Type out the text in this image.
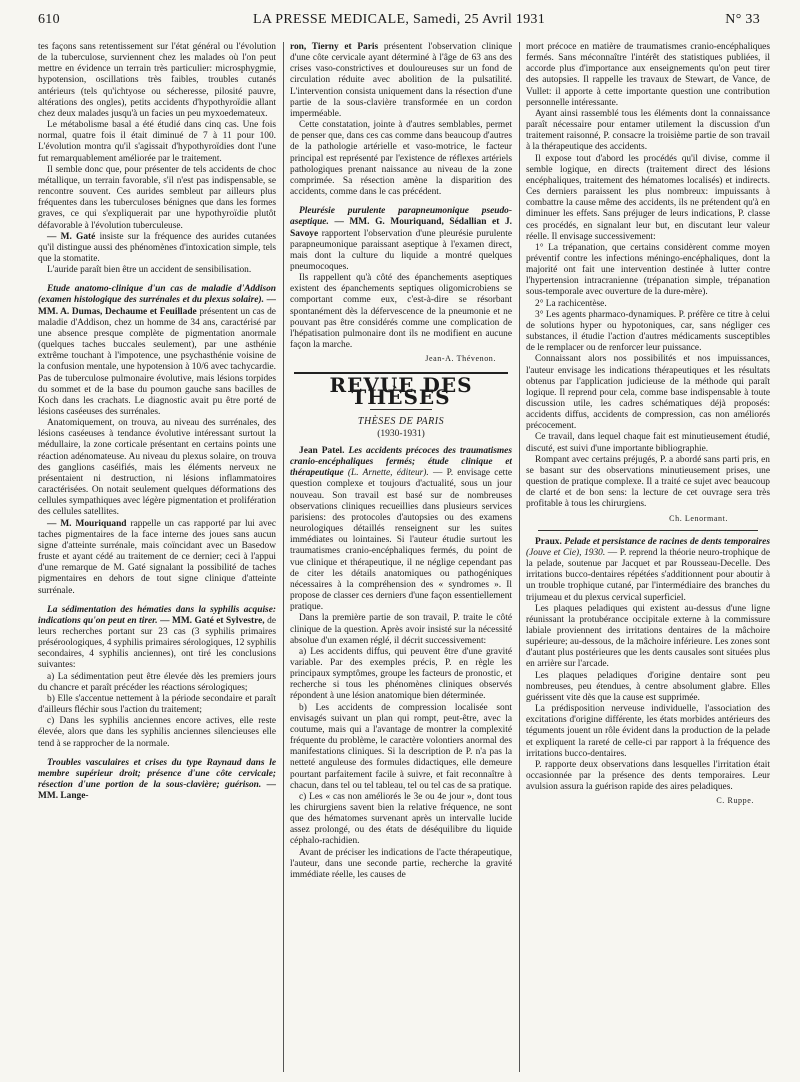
610	LA PRESSE MEDICALE, Samedi, 25 Avril 1931	N° 33

tes façons sans retentissement sur l'état général ou l'évolution de la tuberculose, surviennent chez les malades où l'on peut mettre en évidence un terrain très particulier: microsphygmie, hypotension, oscillations très faibles, troubles cutanés antérieurs (tels qu'ichtyose ou sécheresse, pilosité pauvre, altérations des ongles), petits accidents d'hypothyroïdie allant chez deux malades jusqu'à un facies un peu myxoedemateux.

Le métabolisme basal a été étudié dans cinq cas. Une fois normal, quatre fois il était diminué de 7 à 11 pour 100. L'évolution montra qu'il s'agissait d'hypothyroïdies dont l'une fut remarquablement améliorée par le traitement.

Il semble donc que, pour présenter de tels accidents de choc métallique, un terrain favorable, s'il n'est pas indispensable, se rencontre souvent. Ces aurides sembleut par ailleurs plus fréquentes dans les tuberculoses bénignes que dans les formes graves, ce qui s'expliquerait par une hypothyroïdie plutôt défavorable à l'évolution tuberculeuse.

— M. Gaté insiste sur la fréquence des aurides cutanées qu'il distingue aussi des phénomènes d'intoxication simple, tels que la stomatite.

L'auride paraît bien être un accident de sensibilisation.

Etude anatomo-clinique d'un cas de maladie d'Addison (examen histologique des surrénales et du plexus solaire). — MM. A. Dumas, Dechaume et Feuillade présentent un cas de maladie d'Addison, chez un homme de 34 ans, caractérisé par une absence presque complète de pigmentation anormale (quelques taches buccales seulement), par une asthénie extrême touchant à l'impotence, une psychasthénie voisine de la confusion mentale, une hypotension à 10/6 avec tachycardie. Pas de tuberculose pulmonaire évolutive, mais lésions torpides du sommet et de la base du poumon gauche sans bacilles de Koch dans les crachats. Le diagnostic avait pu être porté de lésions caséeuses des surrénales.

Anatomiquement, on trouva, au niveau des surrénales, des lésions caséeuses à tendance évolutive intéressant surtout la médullaire, la zone corticale présentant en certains points une réaction adénomateuse. Au niveau du plexus solaire, on trouva des ganglions caséifiés, mais les éléments nerveux ne présentaient ni destruction, ni lésions inflammatoires caractérisées. On notait seulement quelques déformations des cellules sympathiques avec légère pigmentation et prolifération des cellules satellites.

— M. Mouriquand rappelle un cas rapporté par lui avec taches pigmentaires de la face interne des joues sans aucun signe d'atteinte surrénale, mais coïncidant avec un Basedow fruste et ayant cédé au traitement de ce dernier; ceci à l'appui d'une remarque de M. Gaté signalant la possibilité de taches pigmentaires en dehors de tout signe clinique d'atteinte surrénale.

La sédimentation des hématies dans la syphilis acquise: indications qu'on peut en tirer. — MM. Gaté et Sylvestre, de leurs recherches portant sur 23 cas (3 syphilis primaires préséroologiques, 4 syphilis primaires sérologiques, 12 syphilis secondaires, 4 syphilis anciennes), ont tiré les conclusions suivantes:

a) La sédimentation peut être élevée dès les premiers jours du chancre et paraît précéder les réactions sérologiques;

b) Elle s'accentue nettement à la période secondaire et paraît d'ailleurs fléchir sous l'action du traitement;

c) Dans les syphilis anciennes encore actives, elle reste élevée, alors que dans les syphilis anciennes silencieuses elle tend à se rapprocher de la normale.

Troubles vasculaires et crises du type Raynaud dans le membre supérieur droit; présence d'une côte cervicale; résection d'une portion de la sous-clavière; guérison. — MM. Lange-

ron, Tierny et Paris présentent l'observation clinique d'une côte cervicale ayant déterminé à l'âge de 63 ans des crises vaso-constrictives et douloureuses sur un fond de circulation réduite avec abolition de la pulsatilité. L'intervention consista uniquement dans la résection d'une partie de la sous-clavière transformée en un cordon imperméable.

Cette constatation, jointe à d'autres semblables, permet de penser que, dans ces cas comme dans beaucoup d'autres de la pathologie artérielle et vaso-motrice, le facteur principal est représenté par l'existence de réflexes artériels pathologiques prenant naissance au niveau de la zone comprimée. Sa résection amène la disparition des accidents, comme dans le cas précédent.

Pleurésie purulente parapneumonique pseudo-aseptique. — MM. G. Mouriquand, Sédallian et J. Savoye rapportent l'observation d'une pleurésie purulente parapneumonique paraissant aseptique à l'examen direct, mais dont la culture du liquide a montré quelques pneumocoques.

Ils rappellent qu'à côté des épanchements aseptiques existent des épanchements septiques oligomicrobiens se comportant comme eux, c'est-à-dire se résorbant spontanément dès la défervescence de la pneumonie et ne pouvant pas être considérés comme une complication de l'hépatisation pulmonaire dont ils ne modifient en aucune façon la marche.

Jean-A. Thévenon.
REVUE DES THÈSES
THÈSES DE PARIS
(1930-1931)

Jean Patel. Les accidents précoces des traumatismes cranio-encéphaliques fermés; étude clinique et thérapeutique (L. Arnette, éditeur). — P. envisage cette question complexe et toujours d'actualité, sous un jour nouveau. Son travail est basé sur de nombreuses observations cliniques recueillies dans plusieurs services parisiens: des protocoles d'autopsies ou des examens neurologiques détaillés renseignent sur les suites immédiates ou lointaines. Si l'auteur étudie surtout les traumatismes cranio-encéphaliques fermés, du point de vue clinique et thérapeutique, il ne néglige cependant pas de citer les détails anatomiques ou pathogéniques nécessaires à la compréhension des « syndromes ». Il propose de classer ces derniers d'une façon essentiellement pratique.

Dans la première partie de son travail, P. traite le côté clinique de la question. Après avoir insisté sur la nécessité absolue d'un examen réglé, il décrit successivement:

a) Les accidents diffus, qui peuvent être d'une gravité variable. Par des exemples précis, P. en règle les principaux symptômes, groupe les facteurs de pronostic, et recherche si tous les phénomènes cliniques observés répondent à une lésion anatomique bien déterminée.

b) Les accidents de compression localisée sont envisagés suivant un plan qui rompt, peut-être, avec la coutume, mais qui a l'avantage de montrer la complexité fréquente du problème, le caractère volontiers anormal des manifestations cliniques. Si la description de P. n'a pas la netteté anguleuse des formules didactiques, elle demeure pourtant parfaitement facile à suivre, et fait reconnaître à chacun, dans tel ou tel tableau, tel ou tel cas de sa pratique.

c) Les « cas non améliorés le 3e ou 4e jour », dont tous les chirurgiens savent bien la relative fréquence, ne sont que des hématomes survenant après un intervalle lucide assez prolongé, ou des états de déséquilibre du liquide céphalo-rachidien.

Avant de préciser les indications de l'acte thérapeutique, l'auteur, dans une seconde partie, recherche la gravité immédiate réelle, les causes de

mort précoce en matière de traumatismes cranio-encéphaliques fermés. Sans méconnaître l'intérêt des statistiques publiées, il accorde plus d'importance aux enseignements qu'on peut tirer des autopsies. Il rappelle les travaux de Stewart, de Vance, de Vullet: il apporte à cette importante question une contribution personnelle intéressante.

Ayant ainsi rassemblé tous les éléments dont la connaissance paraît nécessaire pour entamer utilement la discussion d'un traitement raisonné, P. consacre la troisième partie de son travail à la thérapeutique des accidents.

Il expose tout d'abord les procédés qu'il divise, comme il semble logique, en directs (traitement direct des lésions encéphaliques, traitement des hématomes localisés) et indirects. Ces derniers paraissent les plus nombreux: impuissants à combattre la cause même des accidents, ils ne prétendent qu'à en diminuer les effets. Sans préjuger de leurs indications, P. classe ces procédés, en signalant leur but, en discutant leur valeur réelle. Il envisage successivement:

1° La trépanation, que certains considèrent comme moyen préventif contre les infections méningo-encéphaliques, dont la majorité ont fait une intervention destinée à lutter contre l'hypertension intracranienne (trépanation simple, trépanation sous-temporale avec ouverture de la dure-mère).

2° La rachicentèse.

3° Les agents pharmaco-dynamiques. P. préfère ce titre à celui de solutions hyper ou hypotoniques, car, sans négliger ces substances, il étudie l'action d'autres médicaments susceptibles de le remplacer ou de renforcer leur puissance.

Connaissant alors nos possibilités et nos impuissances, l'auteur envisage les indications thérapeutiques et les résultats obtenus par l'application judicieuse de la méthode qui paraît logique. Il reprend pour cela, comme base indispensable à toute discussion utile, les cadres schématiques déjà proposés: accidents diffus, accidents de compression, cas non améliorés précocement.

Ce travail, dans lequel chaque fait est minutieusement étudié, discuté, est suivi d'une importante bibliographie.

Rompant avec certains préjugés, P. a abordé sans parti pris, en se basant sur des observations minutieusement prises, une question de pratique complexe. Il a traité ce sujet avec beaucoup de clarté et de bon sens: la lecture de cet ouvrage sera très profitable à tous les chirurgiens.

Ch. Lenormant.

Praux. Pelade et persistance de racines de dents temporaires (Jouve et Cie), 1930. — P. reprend la théorie neuro-trophique de la pelade, soutenue par Jacquet et par Rousseau-Decelle. Des irritations bucco-dentaires répétées s'additionnent pour aboutir à un trouble trophique cutané, par l'intermédiaire des branches du trijumeau et du plexus cervical superficiel.

Les plaques peladiques qui existent au-dessus d'une ligne réunissant la protubérance occipitale externe à la commissure labiale proviennent des irritations dentaires de la mâchoire supérieure; au-dessous, de la mâchoire inférieure. Les zones sont d'autant plus postérieures que les dents causales sont situées plus en arrière sur l'arcade.

Les plaques peladiques d'origine dentaire sont peu nombreuses, peu étendues, à centre absolument glabre. Elles guérissent vite dès que la cause est supprimée.

La prédisposition nerveuse individuelle, l'association des excitations d'origine différente, les états morbides antérieurs des téguments jouent un rôle évident dans la production de la pelade et expliquent la rareté de celle-ci par rapport à la fréquence des irritations bucco-dentaires.

P. rapporte deux observations dans lesquelles l'irritation était occasionnée par la présence des dents temporaires. Leur avulsion assura la guérison rapide des aires peladiques.

C. Ruppe.
